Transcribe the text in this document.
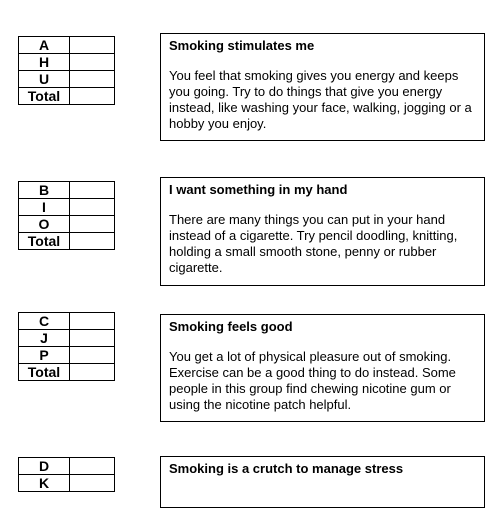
A	
H	
U	
Total	
Smoking stimulates me

You feel that smoking gives you energy and keeps you going. Try to do things that give you energy instead, like washing your face, walking, jogging or a hobby you enjoy.

B	
I	
O	
Total	
I want something in my hand

There are many things you can put in your hand instead of a cigarette. Try pencil doodling, knitting, holding a small smooth stone, penny or rubber cigarette.

C	
J	
P	
Total	
Smoking feels good

You get a lot of physical pleasure out of smoking. Exercise can be a good thing to do instead. Some people in this group find chewing nicotine gum or using the nicotine patch helpful.

D	
K	
Smoking is a crutch to manage stress
